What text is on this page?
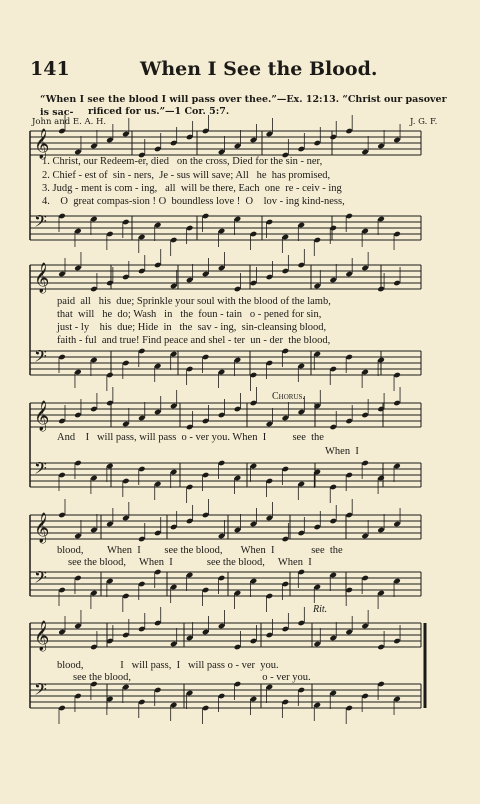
141	When I See the Blood.
“When I see the blood I will pass over thee.”—Ex. 12:13. “Christ our pasover is sac-	rificed for us.”—1 Cor. 5:7.
John and E. A. H.	J. G. F.
𝄞
𝄢
𝄞
𝄢
𝄞
𝄢
𝄞
𝄢
𝄞
𝄢
1. Christ, our Redeem-er, died   on the cross, Died for the sin - ner,
2. Chief - est of  sin - ners,  Je - sus will save; All   he  has promised,
3. Judg - ment is com - ing,   all  will be there, Each  one  re - ceiv - ing
4.    O  great compas-sion ! O  boundless love !  O    lov - ing kind-ness,
paid  all   his  due; Sprinkle your soul with the blood of the lamb,
that  will   he  do; Wash   in   the  foun - tain   o - pened for sin,
just - ly    his  due; Hide  in   the  sav - ing,  sin-cleansing blood,
faith - ful  and true! Find peace and shel - ter  un - der  the blood,
Chorus.
And    I   will pass, will pass  o - ver you. When  I          see  the
When  I
blood,         When  I         see the blood,       When  I              see  the
see the blood,     When  I             see the blood,     When  I
Rit.
blood,              I   will pass,  I   will pass o - ver  you.
see the blood,                                                  o - ver you.
